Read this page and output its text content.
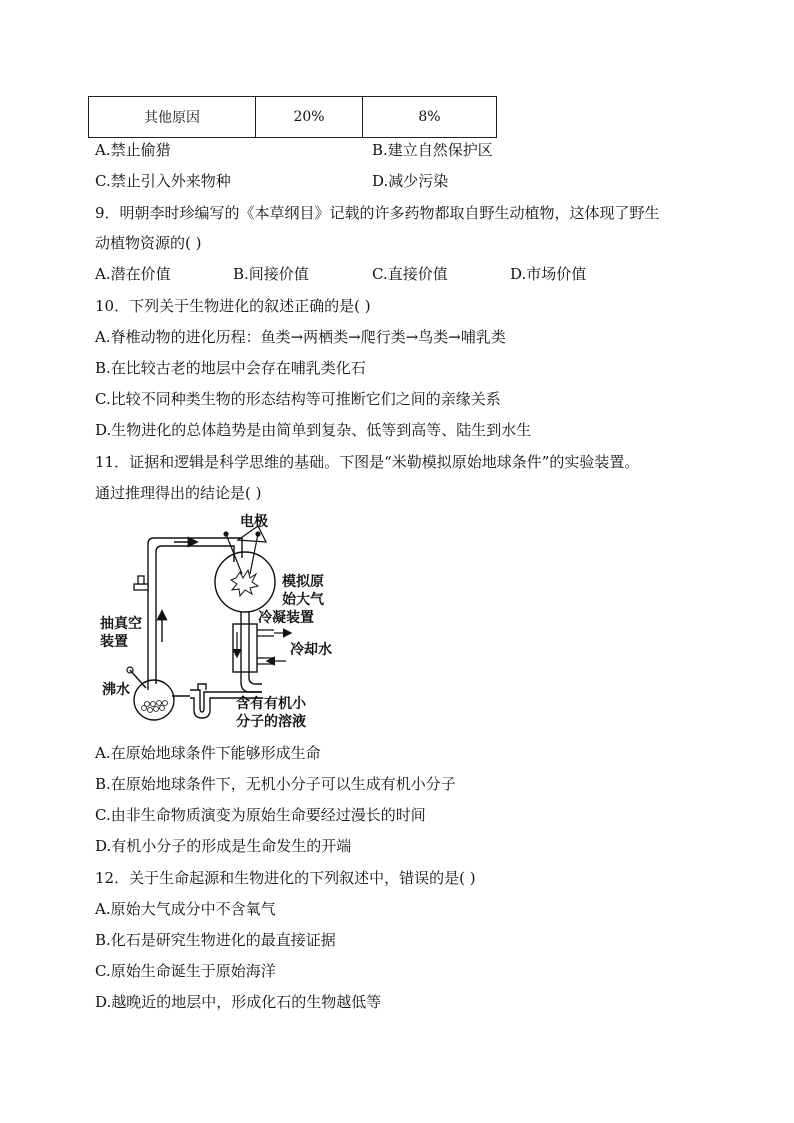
其他原因	20%	8%
A.禁止偷猎	B.建立自然保护区
C.禁止引入外来物种	D.减少污染
9．明朝李时珍编写的《本草纲目》记载的许多药物都取自野生动植物，这体现了野生
动植物资源的( )
A.潜在价值	B.间接价值	C.直接价值	D.市场价值
10．下列关于生物进化的叙述正确的是( )
A.脊椎动物的进化历程：鱼类→两栖类→爬行类→鸟类→哺乳类
B.在比较古老的地层中会存在哺乳类化石
C.比较不同种类生物的形态结构等可推断它们之间的亲缘关系
D.生物进化的总体趋势是由简单到复杂、低等到高等、陆生到水生
11．证据和逻辑是科学思维的基础。下图是“米勒模拟原始地球条件”的实验装置。
通过推理得出的结论是( )
电极
模拟原
始大气
抽真空
装置
冷凝装置
冷却水
沸水
含有有机小
分子的溶液
A.在原始地球条件下能够形成生命
B.在原始地球条件下，无机小分子可以生成有机小分子
C.由非生命物质演变为原始生命要经过漫长的时间
D.有机小分子的形成是生命发生的开端
12．关于生命起源和生物进化的下列叙述中，错误的是( )
A.原始大气成分中不含氧气
B.化石是研究生物进化的最直接证据
C.原始生命诞生于原始海洋
D.越晚近的地层中，形成化石的生物越低等
